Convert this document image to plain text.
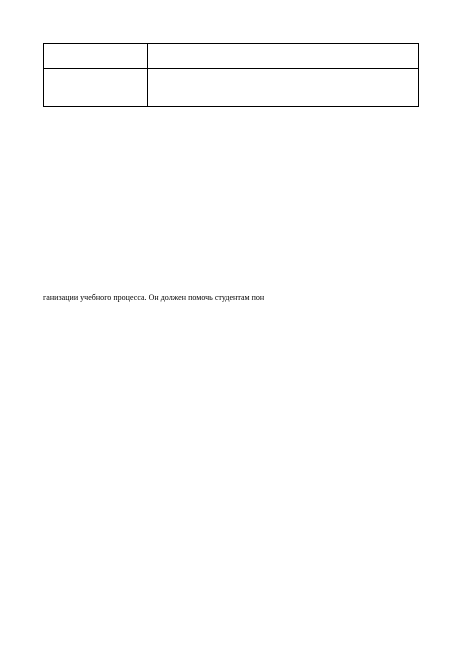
ганизации учебного процесса. Он должен помочь студентам пон
